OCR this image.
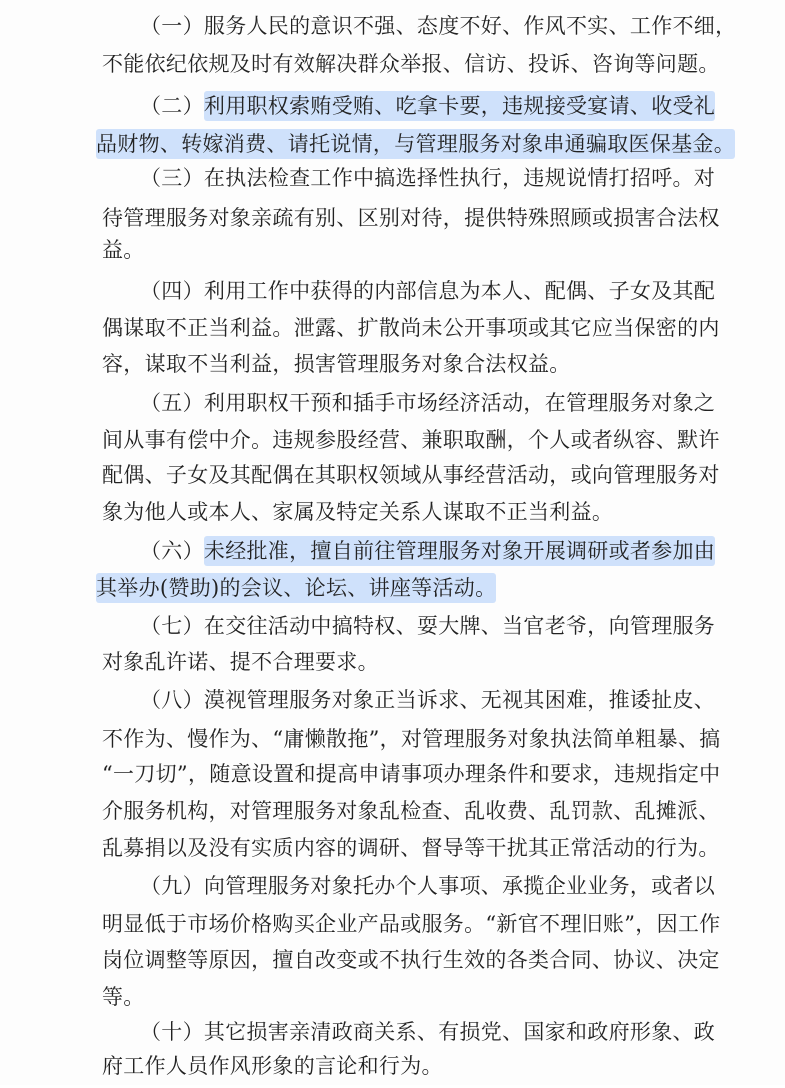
（一）服务人民的意识不强、态度不好、作风不实、工作不细，
不能依纪依规及时有效解决群众举报、信访、投诉、咨询等问题。
（二）利用职权索贿受贿、吃拿卡要，违规接受宴请、收受礼
品财物、转嫁消费、请托说情，与管理服务对象串通骗取医保基金。
（三）在执法检查工作中搞选择性执行，违规说情打招呼。对
待管理服务对象亲疏有别、区别对待，提供特殊照顾或损害合法权
益。
（四）利用工作中获得的内部信息为本人、配偶、子女及其配
偶谋取不正当利益。泄露、扩散尚未公开事项或其它应当保密的内
容，谋取不当利益，损害管理服务对象合法权益。
（五）利用职权干预和插手市场经济活动，在管理服务对象之
间从事有偿中介。违规参股经营、兼职取酬，个人或者纵容、默许
配偶、子女及其配偶在其职权领域从事经营活动，或向管理服务对
象为他人或本人、家属及特定关系人谋取不正当利益。
（六）未经批准，擅自前往管理服务对象开展调研或者参加由
其举办(赞助)的会议、论坛、讲座等活动。
（七）在交往活动中搞特权、耍大牌、当官老爷，向管理服务
对象乱许诺、提不合理要求。
（八）漠视管理服务对象正当诉求、无视其困难，推诿扯皮、
不作为、慢作为、“庸懒散拖”，对管理服务对象执法简单粗暴、搞
“一刀切”，随意设置和提高申请事项办理条件和要求，违规指定中
介服务机构，对管理服务对象乱检查、乱收费、乱罚款、乱摊派、
乱募捐以及没有实质内容的调研、督导等干扰其正常活动的行为。
（九）向管理服务对象托办个人事项、承揽企业业务，或者以
明显低于市场价格购买企业产品或服务。“新官不理旧账”，因工作
岗位调整等原因，擅自改变或不执行生效的各类合同、协议、决定
等。
（十）其它损害亲清政商关系、有损党、国家和政府形象、政
府工作人员作风形象的言论和行为。
